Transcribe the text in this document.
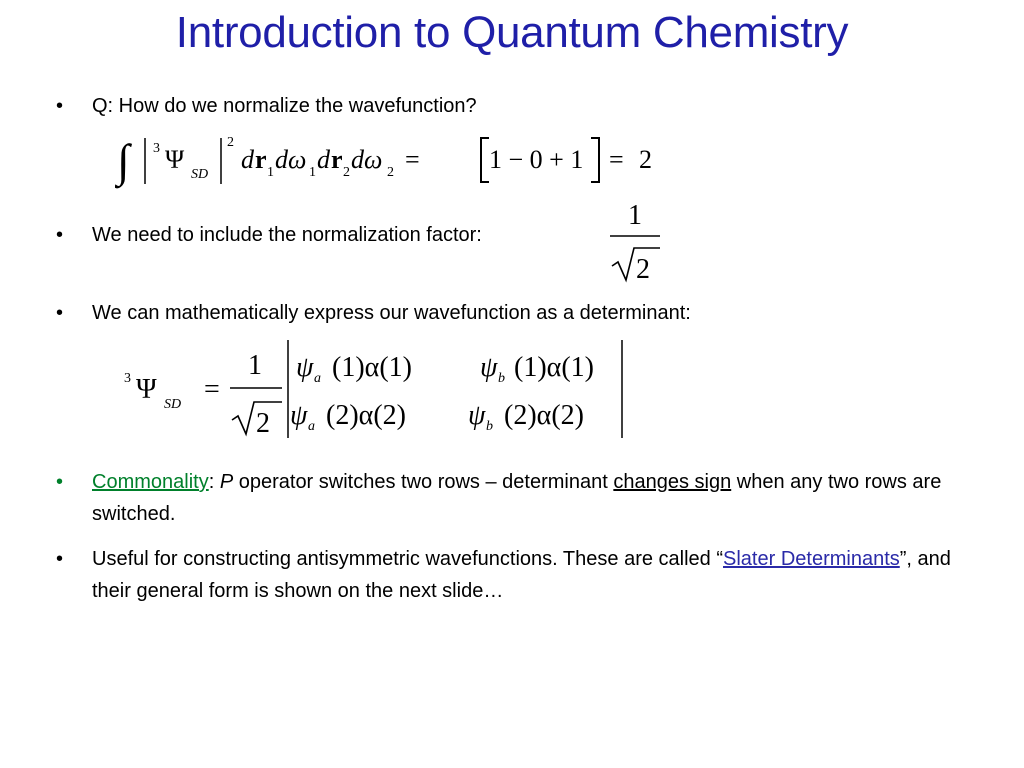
Introduction to Quantum Chemistry
• Q: How do we normalize the wavefunction?
∫ 3 Ψ
SD
2
d r 1 dω 1 d r 2 dω 2 =	1 − 0 + 1 = 2
• We need to include the normalization factor:
1
2
• We can mathematically express our wavefunction as a determinant:
3 Ψ SD =
1
2
ψ a (1)α(1) ψ b (1)α(1)
ψ a (2)α(2) ψ b (2)α(2)
• Commonality: P operator switches two rows – determinant changes sign when any two rows are switched.
• Useful for constructing antisymmetric wavefunctions. These are called “Slater Determinants”, and their general form is shown on the next slide…
